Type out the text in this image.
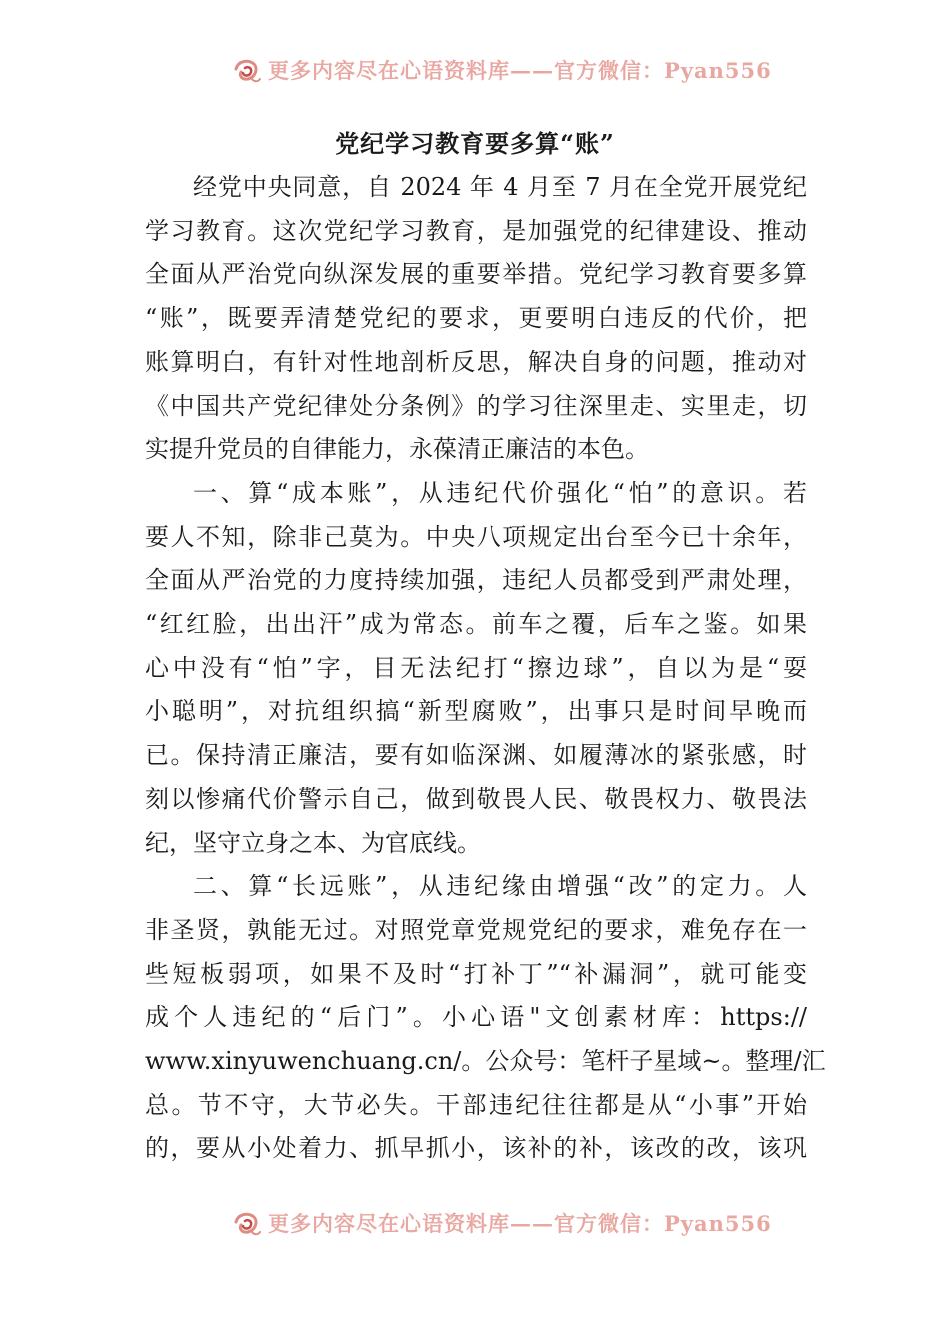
更多内容尽在心语资料库——官方微信：Pyan556
党纪学习教育要多算“账”
经党中央同意，自 2024 年 4 月至 7 月在全党开展党纪
学习教育。这次党纪学习教育，是加强党的纪律建设、推动
全面从严治党向纵深发展的重要举措。党纪学习教育要多算
“账”，既要弄清楚党纪的要求，更要明白违反的代价，把
账算明白，有针对性地剖析反思，解决自身的问题，推动对
《中国共产党纪律处分条例》的学习往深里走、实里走，切
实提升党员的自律能力，永葆清正廉洁的本色。
一、算“成本账”，从违纪代价强化“怕”的意识。若
要人不知，除非己莫为。中央八项规定出台至今已十余年，
全面从严治党的力度持续加强，违纪人员都受到严肃处理，
“红红脸，出出汗”成为常态。前车之覆，后车之鉴。如果
心中没有“怕”字，目无法纪打“擦边球”，自以为是“耍
小聪明”，对抗组织搞“新型腐败”，出事只是时间早晚而
已。保持清正廉洁，要有如临深渊、如履薄冰的紧张感，时
刻以惨痛代价警示自己，做到敬畏人民、敬畏权力、敬畏法
纪，坚守立身之本、为官底线。
二、算“长远账”，从违纪缘由增强“改”的定力。人
非圣贤，孰能无过。对照党章党规党纪的要求，难免存在一
些短板弱项，如果不及时“打补丁”“补漏洞”，就可能变
成个人违纪的“后门”。小心语"文创素材库：https://
www.xinyuwenchuang.cn/。公众号：笔杆子星域~。整理/汇
总。节不守，大节必失。干部违纪往往都是从“小事”开始
的，要从小处着力、抓早抓小，该补的补，该改的改，该巩
更多内容尽在心语资料库——官方微信：Pyan556
